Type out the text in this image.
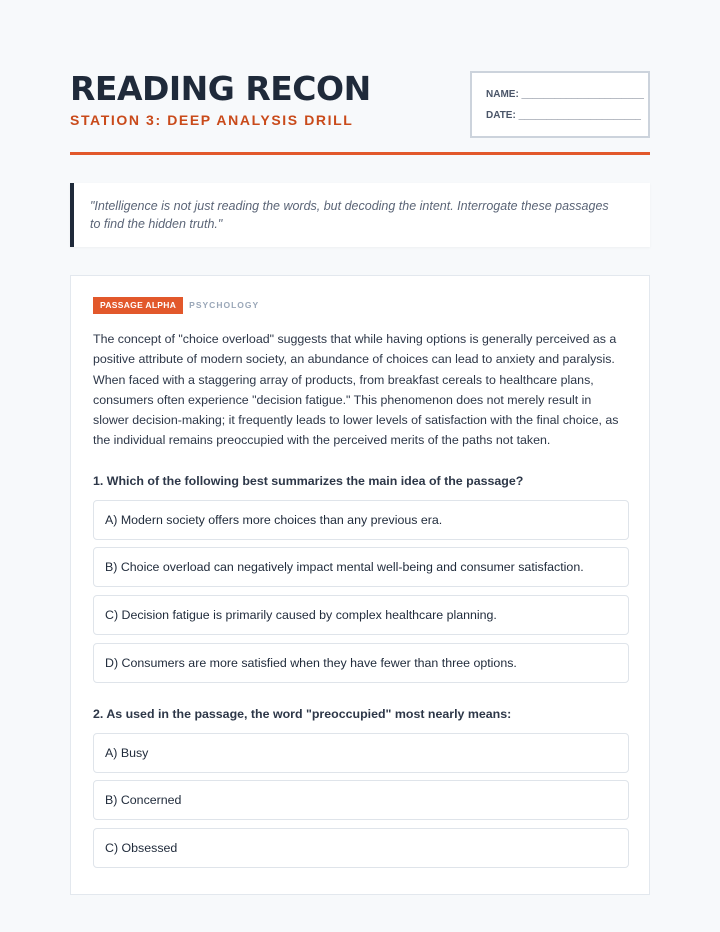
READING RECON
STATION 3: DEEP ANALYSIS DRILL
NAME: ______________________
DATE: ______________________
"Intelligence is not just reading the words, but decoding the intent. Interrogate these passages to find the hidden truth."
PASSAGE ALPHA PSYCHOLOGY
The concept of "choice overload" suggests that while having options is generally perceived as a positive attribute of modern society, an abundance of choices can lead to anxiety and paralysis. When faced with a staggering array of products, from breakfast cereals to healthcare plans, consumers often experience "decision fatigue." This phenomenon does not merely result in slower decision-making; it frequently leads to lower levels of satisfaction with the final choice, as the individual remains preoccupied with the perceived merits of the paths not taken.
1. Which of the following best summarizes the main idea of the passage?
A) Modern society offers more choices than any previous era.
B) Choice overload can negatively impact mental well-being and consumer satisfaction.
C) Decision fatigue is primarily caused by complex healthcare planning.
D) Consumers are more satisfied when they have fewer than three options.
2. As used in the passage, the word "preoccupied" most nearly means:
A) Busy
B) Concerned
C) Obsessed
